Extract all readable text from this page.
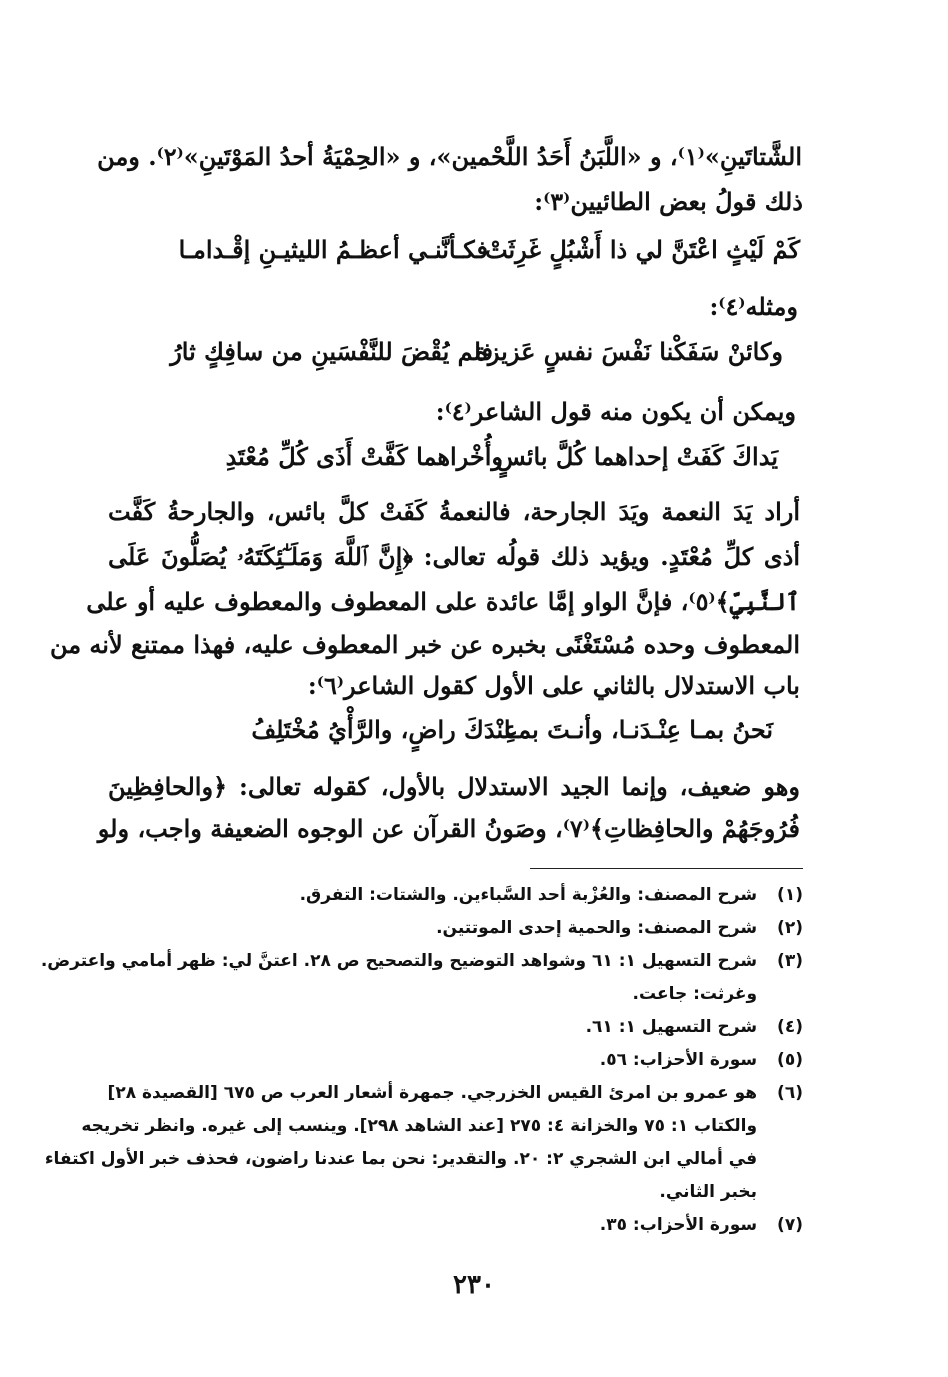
الشَّتاتَينِ»⁽١⁾، و «اللَّبَنُ أَحَدُ اللَّحْمين»، و «الحِمْيَةُ أحدُ المَوْتَينِ»⁽٢⁾. ومن
ذلك قولُ بعض الطائيين⁽٣⁾:
كَمْ لَيْثٍ اعْتَنَّ لي ذا أَشْبُلٍ غَرِثَتْ
فكـأنَّنـي أعظـمُ الليثيـنِ إقْـدامـا
ومثله⁽٤⁾:
وكائنْ سَفَكْنا نَفْسَ نفسٍ عَزيزة
فلم يُقْضَ للنَّفْسَينِ من سافِكٍ ثارُ
ويمكن أن يكون منه قول الشاعر⁽٤⁾:
يَداكَ كَفَتْ إحداهما كُلَّ بائسٍ
وأُخْراهما كَفَّتْ أَذَى كُلِّ مُعْتَدِ
أراد يَدَ النعمة ويَدَ الجارحة، فالنعمةُ كَفَتْ كلَّ بائس، والجارحةُ كَفَّت
أذى كلِّ مُعْتَدٍ. ويؤيد ذلك قولُه تعالى: ﴿إِنَّ ٱللَّهَ وَمَلَـٰٓئِكَتَهُۥ يُصَلُّونَ عَلَى
ٱلنَّبِيِّ﴾⁽٥⁾، فإنَّ الواو إمَّا عائدة على المعطوف والمعطوف عليه أو على
المعطوف وحده مُسْتَغْنًى بخبره عن خبر المعطوف عليه، فهذا ممتنع لأنه من
باب الاستدلال بالثاني على الأول كقول الشاعر⁽٦⁾:
نَحنُ بمـا عِنْـدَنـا، وأنـتَ بمـا
عِنْدَكَ راضٍ، والرَّأْيُ مُخْتَلِفُ
وهو ضعيف، وإنما الجيد الاستدلال بالأول، كقوله تعالى: ﴿والحافِظِينَ
فُرُوجَهُمْ والحافِظاتِ﴾⁽٧⁾، وصَونُ القرآن عن الوجوه الضعيفة واجب، ولو
(١) شرح المصنف: والعُزْبة أحد السَّباءين. والشتات: التفرق.
(٢) شرح المصنف: والحمية إحدى الموتتين.
(٣) شرح التسهيل ١: ٦١ وشواهد التوضيح والتصحيح ص ٢٨. اعتنَّ لي: ظهر أمامي واعترض.
وغرثت: جاعت.
(٤) شرح التسهيل ١: ٦١.
(٥) سورة الأحزاب: ٥٦.
(٦) هو عمرو بن امرئ القيس الخزرجي. جمهرة أشعار العرب ص ٦٧٥ [القصيدة ٢٨]
والكتاب ١: ٧٥ والخزانة ٤: ٢٧٥ [عند الشاهد ٢٩٨]. وينسب إلى غيره. وانظر تخريجه
في أمالي ابن الشجري ٢: ٢٠. والتقدير: نحن بما عندنا راضون، فحذف خبر الأول اكتفاء
بخبر الثاني.
(٧) سورة الأحزاب: ٣٥.
٢٣٠
